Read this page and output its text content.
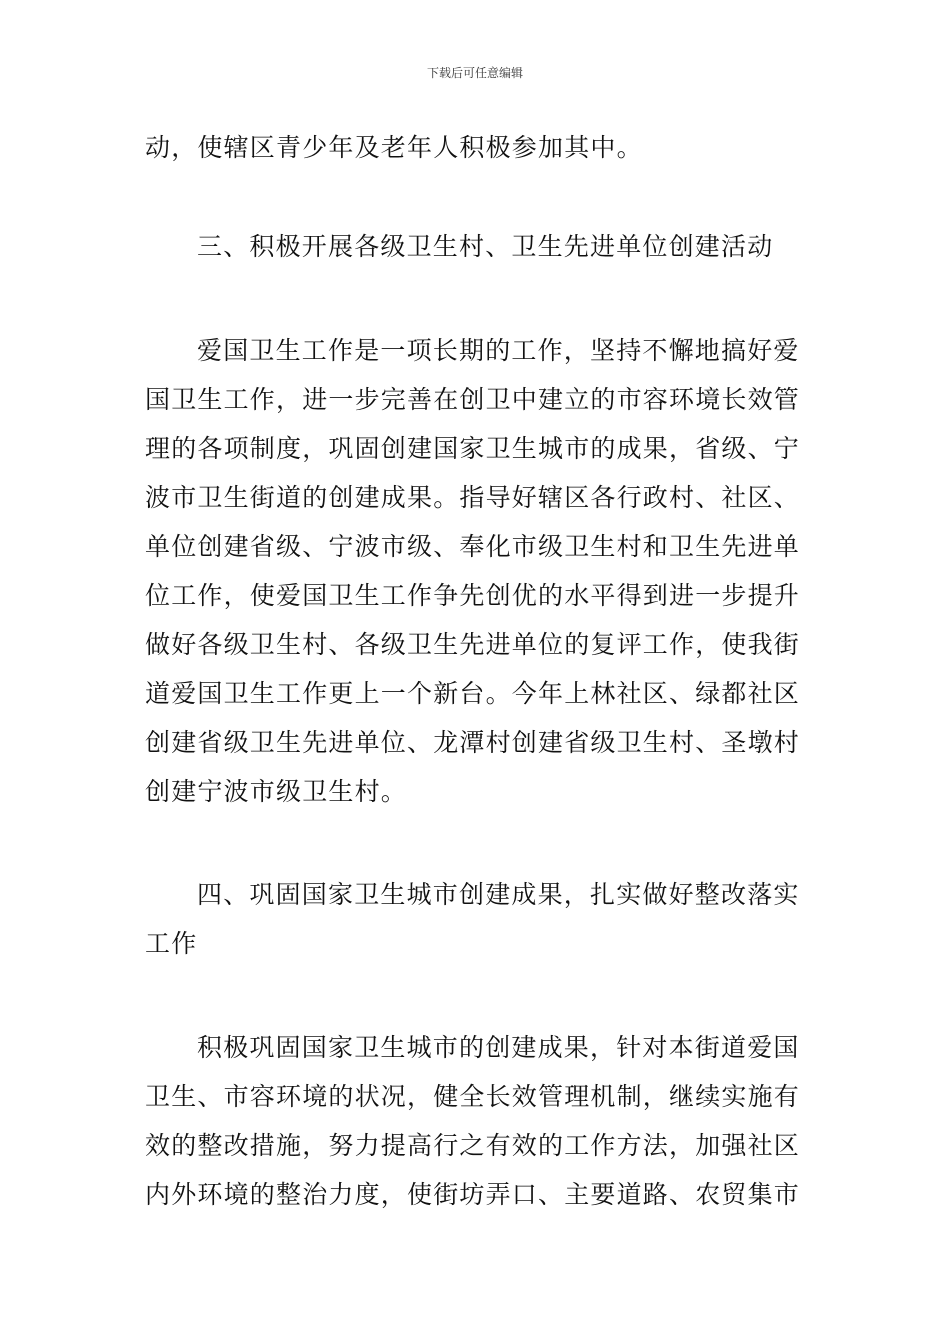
下载后可任意编辑
动，使辖区青少年及老年人积极参加其中。
三、积极开展各级卫生村、卫生先进单位创建活动
爱国卫生工作是一项长期的工作，坚持不懈地搞好爱
国卫生工作，进一步完善在创卫中建立的市容环境长效管
理的各项制度，巩固创建国家卫生城市的成果，省级、宁
波市卫生街道的创建成果。指导好辖区各行政村、社区、
单位创建省级、宁波市级、奉化市级卫生村和卫生先进单
位工作，使爱国卫生工作争先创优的水平得到进一步提升
做好各级卫生村、各级卫生先进单位的复评工作，使我街
道爱国卫生工作更上一个新台。今年上林社区、绿都社区
创建省级卫生先进单位、龙潭村创建省级卫生村、圣墩村
创建宁波市级卫生村。
四、巩固国家卫生城市创建成果，扎实做好整改落实
工作
积极巩固国家卫生城市的创建成果，针对本街道爱国
卫生、市容环境的状况，健全长效管理机制，继续实施有
效的整改措施，努力提高行之有效的工作方法，加强社区
内外环境的整治力度，使街坊弄口、主要道路、农贸集市
